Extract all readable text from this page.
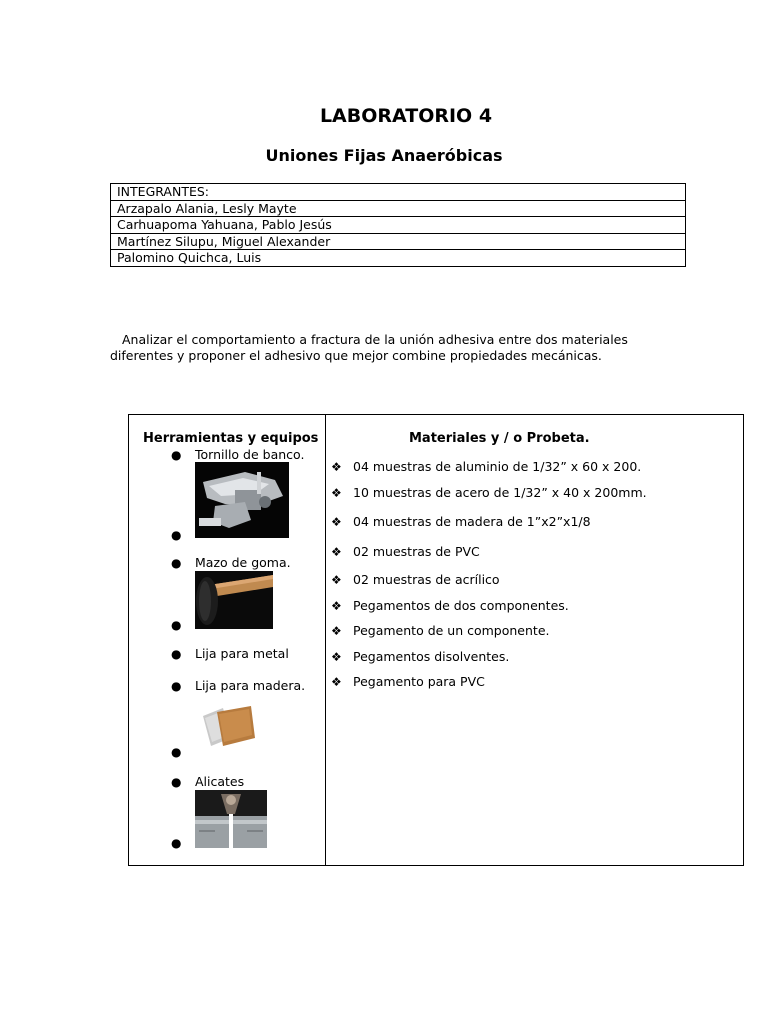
LABORATORIO 4
Uniones Fijas Anaeróbicas
INTEGRANTES:
Arzapalo Alania, Lesly Mayte
Carhuapoma Yahuana, Pablo Jesús
Martínez Silupu, Miguel Alexander
Palomino Quichca, Luis
Analizar el comportamiento a fractura de la unión adhesiva entre dos materiales diferentes y proponer el adhesivo que mejor combine propiedades mecánicas.
Herramientas y equipos
● Tornillo de banco.
●
● Mazo de goma.
●
● Lija para metal
● Lija para madera.
●
● Alicates
●
Materiales y / o Probeta.
❖ 04 muestras de aluminio de 1/32” x 60 x 200.
❖ 10 muestras de acero de 1/32” x 40 x 200mm.
❖ 04 muestras de madera de 1”x2”x1/8
❖ 02 muestras de PVC
❖ 02 muestras de acrílico
❖ Pegamentos de dos componentes.
❖ Pegamento de un componente.
❖ Pegamentos disolventes.
❖ Pegamento para PVC
